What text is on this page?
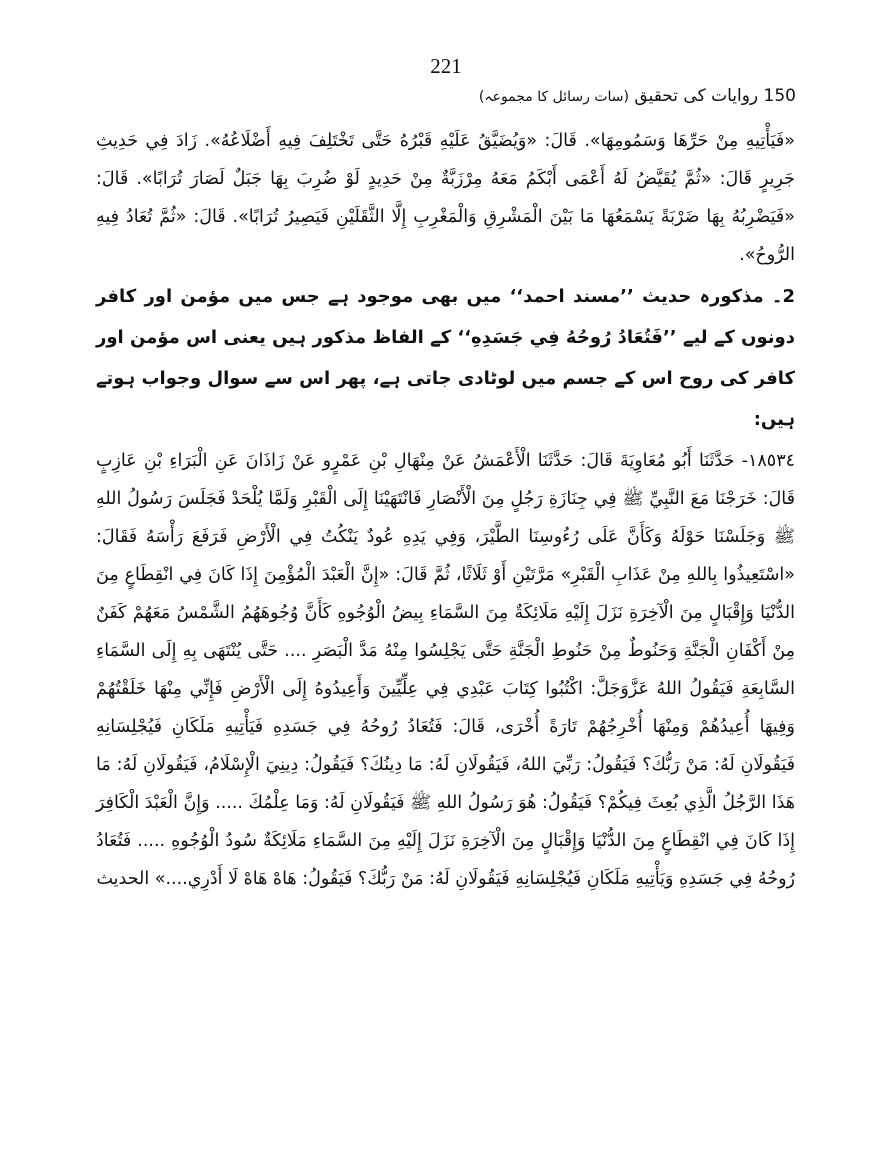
221
150 روایات کی تحقیق (سات رسائل کا مجموعہ)

«فَيَأْتِيهِ مِنْ حَرِّهَا وَسَمُومِهَا». قَالَ: «وَيُضَيَّقُ عَلَيْهِ قَبْرُهُ حَتَّى تَخْتَلِفَ فِيهِ أَضْلَاعُهُ». زَادَ فِي حَدِيثِ جَرِيرٍ قَالَ: «ثُمَّ يُقَيَّضُ لَهُ أَعْمَى أَبْكَمُ مَعَهُ مِرْزَبَّةٌ مِنْ حَدِيدٍ لَوْ ضُرِبَ بِهَا جَبَلٌ لَصَارَ تُرَابًا». قَالَ: «فَيَضْرِبُهُ بِهَا ضَرْبَةً يَسْمَعُهَا مَا بَيْنَ الْمَشْرِقِ وَالْمَغْرِبِ إِلَّا الثَّقَلَيْنِ فَيَصِيرُ تُرَابًا». قَالَ: «ثُمَّ تُعَادُ فِيهِ الرُّوحُ».

2۔ مذکورہ حدیث ’’مسند احمد‘‘ میں بھی موجود ہے جس میں مؤمن اور کافر دونوں کے لیے ’’فَتُعَادُ رُوحُهُ فِي جَسَدِهِ‘‘ کے الفاظ مذکور ہیں یعنی اس مؤمن اور کافر کی روح اس کے جسم میں لوٹادی جاتی ہے، پھر اس سے سوال وجواب ہوتے ہیں:

١٨٥٣٤- حَدَّثَنَا أَبُو مُعَاوِيَةَ قَالَ: حَدَّثَنَا الْأَعْمَشُ عَنْ مِنْهَالِ بْنِ عَمْرٍو عَنْ زَاذَانَ عَنِ الْبَرَاءِ بْنِ عَازِبٍ قَالَ: خَرَجْنَا مَعَ النَّبِيِّ ﷺ فِي جِنَازَةِ رَجُلٍ مِنَ الْأَنْصَارِ فَانْتَهَيْنَا إِلَى الْقَبْرِ وَلَمَّا يُلْحَدْ فَجَلَسَ رَسُولُ اللهِ ﷺ وَجَلَسْنَا حَوْلَهُ وَكَأَنَّ عَلَى رُءُوسِنَا الطَّيْرَ، وَفِي يَدِهِ عُودٌ يَنْكُتُ فِي الْأَرْضِ فَرَفَعَ رَأْسَهُ فَقَالَ: «اسْتَعِيذُوا بِاللهِ مِنْ عَذَابِ الْقَبْرِ» مَرَّتَيْنِ أَوْ ثَلَاثًا، ثُمَّ قَالَ: «إِنَّ الْعَبْدَ الْمُؤْمِنَ إِذَا كَانَ فِي انْقِطَاعٍ مِنَ الدُّنْيَا وَإِقْبَالٍ مِنَ الْآخِرَةِ نَزَلَ إِلَيْهِ مَلَائِكَةٌ مِنَ السَّمَاءِ بِيضُ الْوُجُوهِ كَأَنَّ وُجُوهَهُمُ الشَّمْسُ مَعَهُمْ كَفَنٌ مِنْ أَكْفَانِ الْجَنَّةِ وَحَنُوطٌ مِنْ حَنُوطِ الْجَنَّةِ حَتَّى يَجْلِسُوا مِنْهُ مَدَّ الْبَصَرِ .... حَتَّى يُنْتَهَى بِهِ إِلَى السَّمَاءِ السَّابِعَةِ فَيَقُولُ اللهُ عَزَّوَجَلَّ: اكْتُبُوا كِتَابَ عَبْدِي فِي عِلِّيِّينَ وَأَعِيدُوهُ إِلَى الْأَرْضِ فَإِنِّي مِنْهَا خَلَقْتُهُمْ وَفِيهَا أُعِيدُهُمْ وَمِنْهَا أُخْرِجُهُمْ تَارَةً أُخْرَى، قَالَ: فَتُعَادُ رُوحُهُ فِي جَسَدِهِ فَيَأْتِيهِ مَلَكَانِ فَيُجْلِسَانِهِ فَيَقُولَانِ لَهُ: مَنْ رَبُّكَ؟ فَيَقُولُ: رَبِّيَ اللهُ، فَيَقُولَانِ لَهُ: مَا دِينُكَ؟ فَيَقُولُ: دِينِيَ الْإِسْلَامُ، فَيَقُولَانِ لَهُ: مَا هَذَا الرَّجُلُ الَّذِي بُعِثَ فِيكُمْ؟ فَيَقُولُ: هُوَ رَسُولُ اللهِ ﷺ فَيَقُولَانِ لَهُ: وَمَا عِلْمُكَ ..... وَإِنَّ الْعَبْدَ الْكَافِرَ إِذَا كَانَ فِي انْقِطَاعٍ مِنَ الدُّنْيَا وَإِقْبَالٍ مِنَ الْآخِرَةِ نَزَلَ إِلَيْهِ مِنَ السَّمَاءِ مَلَائِكَةٌ سُودُ الْوُجُوهِ ..... فَتُعَادُ رُوحُهُ فِي جَسَدِهِ وَيَأْتِيهِ مَلَكَانِ فَيُجْلِسَانِهِ فَيَقُولَانِ لَهُ: مَنْ رَبُّكَ؟ فَيَقُولُ: هَاهْ هَاهْ لَا أَدْرِي....» الحديث
